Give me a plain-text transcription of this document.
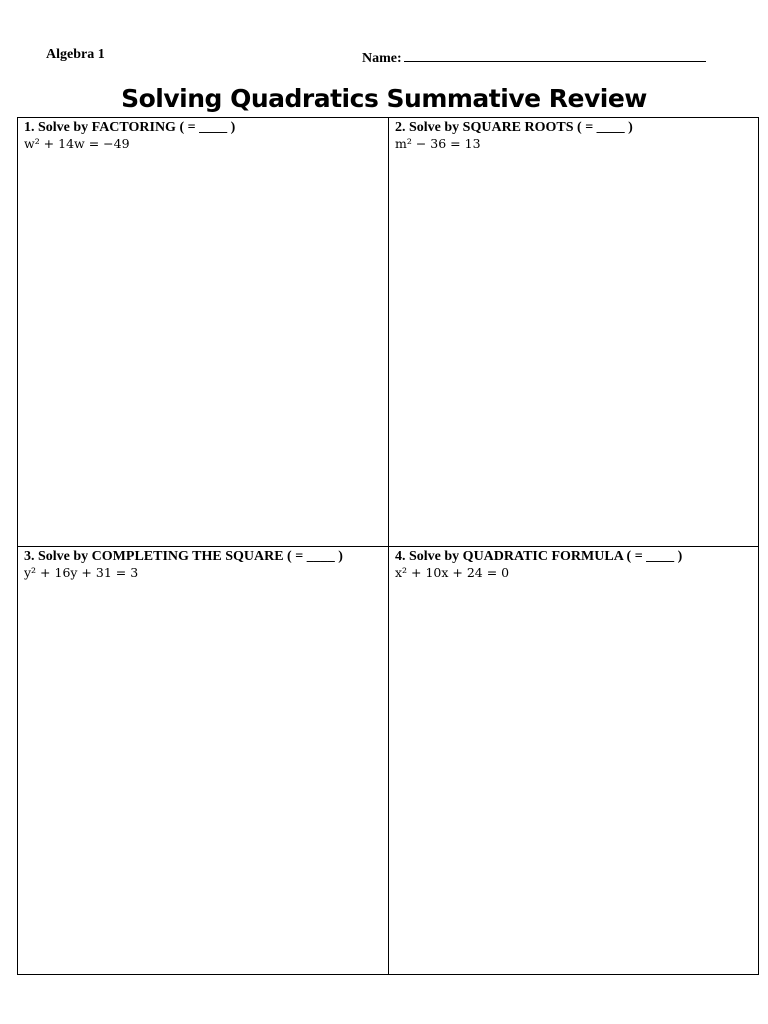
Algebra 1	Name:
Solving Quadratics Summative Review
1. Solve by FACTORING ( = ____ )
w² + 14w = −49
2. Solve by SQUARE ROOTS ( = ____ )
m² − 36 = 13
3. Solve by COMPLETING THE SQUARE ( = ____ )
y² + 16y + 31 = 3
4. Solve by QUADRATIC FORMULA ( = ____ )
x² + 10x + 24 = 0
